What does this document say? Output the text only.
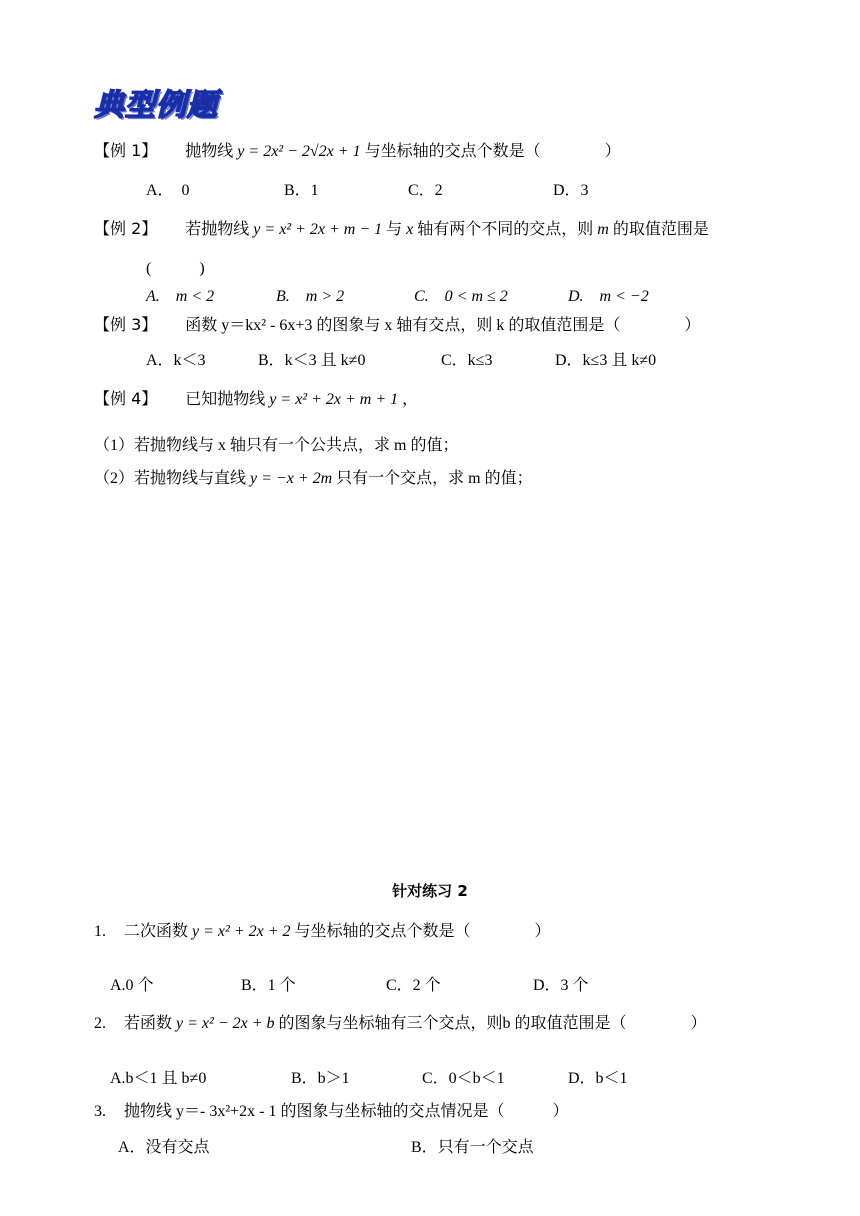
典型例题
【例 1】 抛物线 y = 2x² − 2√2x + 1 与坐标轴的交点个数是（　　　　）
A．　0	B．1	C．2	D．3
【例 2】 若抛物线 y = x² + 2x + m − 1 与 x 轴有两个不同的交点，则 m 的取值范围是
(　　　)
A.　m < 2	B.　m > 2	C.　0 < m ≤ 2	D.　m < −2
【例 3】 函数 y＝kx² ‐ 6x+3 的图象与 x 轴有交点，则 k 的取值范围是（　　　　）
A．k＜3	B．k＜3 且 k≠0	C．k≤3	D．k≤3 且 k≠0
【例 4】 已知抛物线 y = x² + 2x + m + 1 ，
（1）若抛物线与 x 轴只有一个公共点，求 m 的值；
（2）若抛物线与直线 y = −x + 2m 只有一个交点，求 m 的值；
针对练习 2
1. 二次函数 y = x² + 2x + 2 与坐标轴的交点个数是（　　　　）
A.0 个	B．1 个	C．2 个	D．3 个
2. 若函数 y = x² − 2x + b 的图象与坐标轴有三个交点，则b 的取值范围是（　　　　）
A.b＜1 且 b≠0	B．b＞1	C．0＜b＜1	D．b＜1
3. 抛物线 y＝‐ 3x²+2x ‐ 1 的图象与坐标轴的交点情况是（　　　）
A．没有交点	B．只有一个交点
